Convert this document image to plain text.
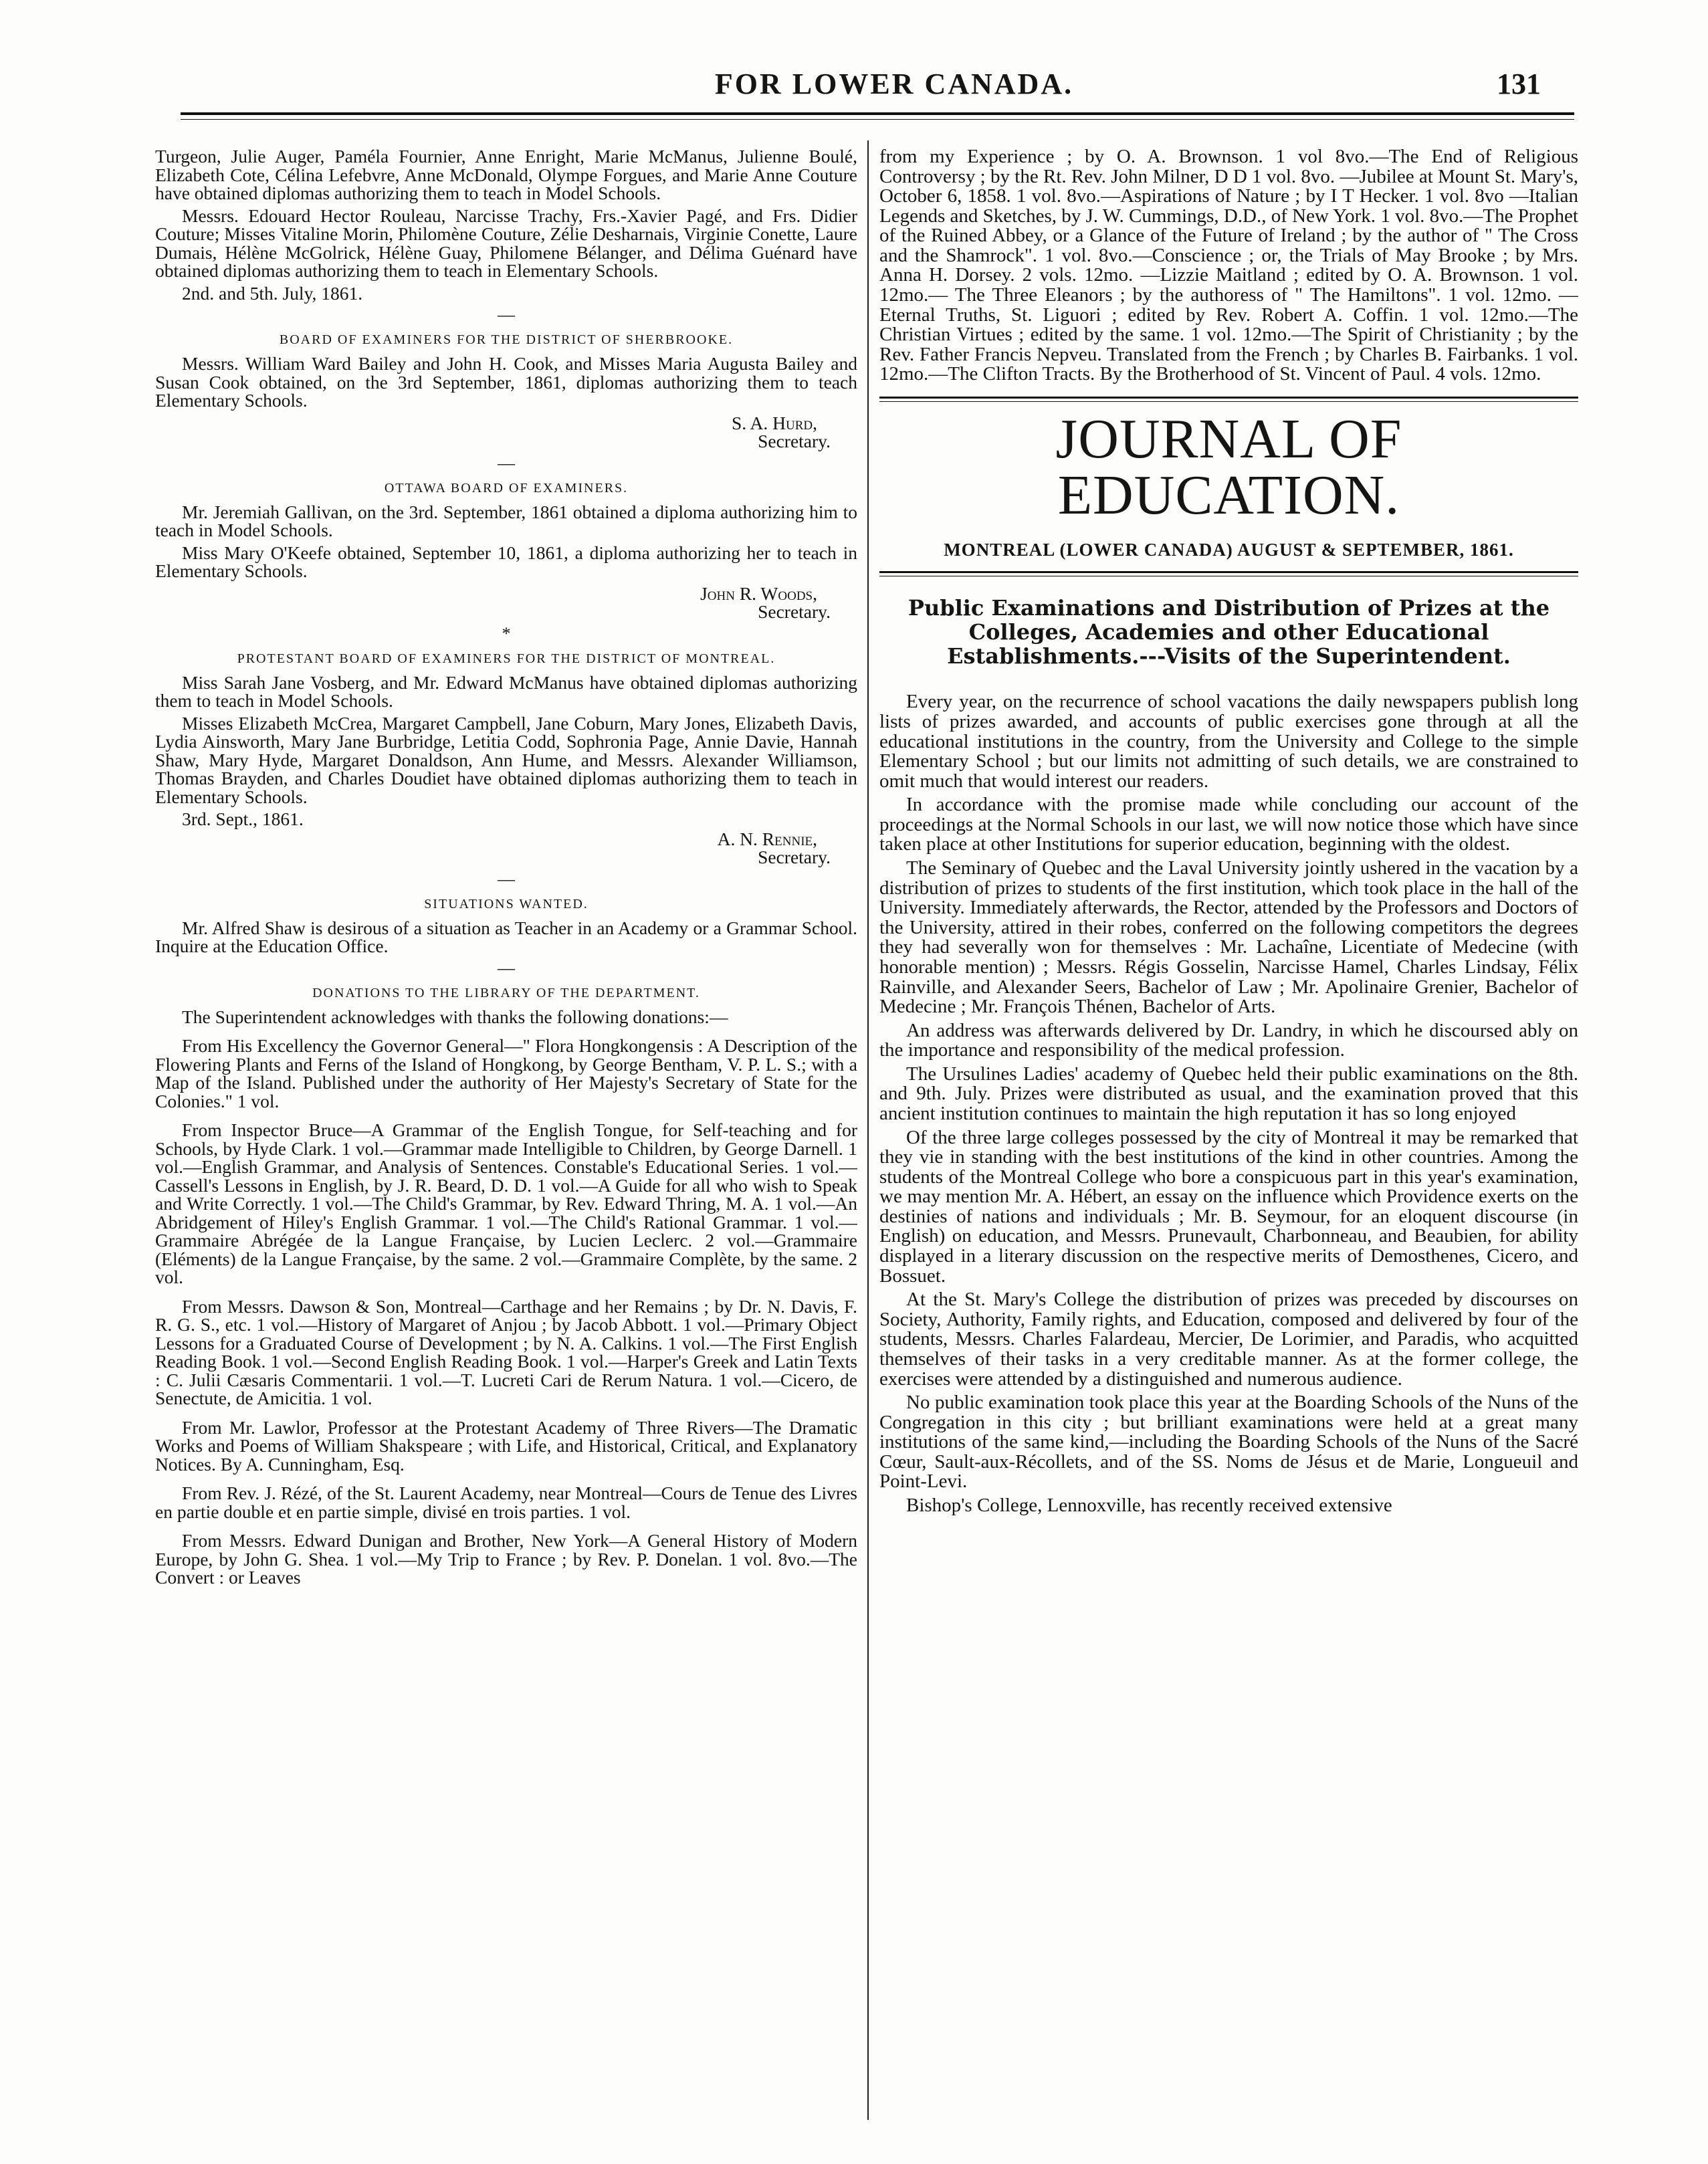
FOR LOWER CANADA.	131

Turgeon, Julie Auger, Paméla Fournier, Anne Enright, Marie McManus, Julienne Boulé, Elizabeth Cote, Célina Lefebvre, Anne McDonald, Olympe Forgues, and Marie Anne Couture have obtained diplomas authorizing them to teach in Model Schools.

Messrs. Edouard Hector Rouleau, Narcisse Trachy, Frs.-Xavier Pagé, and Frs. Didier Couture; Misses Vitaline Morin, Philomène Couture, Zélie Desharnais, Virginie Conette, Laure Dumais, Hélène McGolrick, Hélène Guay, Philomene Bélanger, and Délima Guénard have obtained diplomas authorizing them to teach in Elementary Schools.

2nd. and 5th. July, 1861.

—
BOARD OF EXAMINERS FOR THE DISTRICT OF SHERBROOKE.

Messrs. William Ward Bailey and John H. Cook, and Misses Maria Augusta Bailey and Susan Cook obtained, on the 3rd September, 1861, diplomas authorizing them to teach Elementary Schools.

S. A. Hurd,

Secretary.

—
OTTAWA BOARD OF EXAMINERS.

Mr. Jeremiah Gallivan, on the 3rd. September, 1861 obtained a diploma authorizing him to teach in Model Schools.

Miss Mary O'Keefe obtained, September 10, 1861, a diploma authorizing her to teach in Elementary Schools.

John R. Woods,

Secretary.

*
PROTESTANT BOARD OF EXAMINERS FOR THE DISTRICT OF MONTREAL.

Miss Sarah Jane Vosberg, and Mr. Edward McManus have obtained diplomas authorizing them to teach in Model Schools.

Misses Elizabeth McCrea, Margaret Campbell, Jane Coburn, Mary Jones, Elizabeth Davis, Lydia Ainsworth, Mary Jane Burbridge, Letitia Codd, Sophronia Page, Annie Davie, Hannah Shaw, Mary Hyde, Margaret Donaldson, Ann Hume, and Messrs. Alexander Williamson, Thomas Brayden, and Charles Doudiet have obtained diplomas authorizing them to teach in Elementary Schools.

3rd. Sept., 1861.

A. N. Rennie,

Secretary.

—
SITUATIONS WANTED.

Mr. Alfred Shaw is desirous of a situation as Teacher in an Academy or a Grammar School. Inquire at the Education Office.

—
DONATIONS TO THE LIBRARY OF THE DEPARTMENT.

The Superintendent acknowledges with thanks the following donations:—

From His Excellency the Governor General—" Flora Hongkongensis : A Description of the Flowering Plants and Ferns of the Island of Hongkong, by George Bentham, V. P. L. S.; with a Map of the Island. Published under the authority of Her Majesty's Secretary of State for the Colonies." 1 vol.

From Inspector Bruce—A Grammar of the English Tongue, for Self-teaching and for Schools, by Hyde Clark. 1 vol.—Grammar made Intelligible to Children, by George Darnell. 1 vol.—English Grammar, and Analysis of Sentences. Constable's Educational Series. 1 vol.—Cassell's Lessons in English, by J. R. Beard, D. D. 1 vol.—A Guide for all who wish to Speak and Write Correctly. 1 vol.—The Child's Grammar, by Rev. Edward Thring, M. A. 1 vol.—An Abridgement of Hiley's English Grammar. 1 vol.—The Child's Rational Grammar. 1 vol.—Grammaire Abrégée de la Langue Française, by Lucien Leclerc. 2 vol.—Grammaire (Eléments) de la Langue Française, by the same. 2 vol.—Grammaire Complète, by the same. 2 vol.

From Messrs. Dawson & Son, Montreal—Carthage and her Remains ; by Dr. N. Davis, F. R. G. S., etc. 1 vol.—History of Margaret of Anjou ; by Jacob Abbott. 1 vol.—Primary Object Lessons for a Graduated Course of Development ; by N. A. Calkins. 1 vol.—The First English Reading Book. 1 vol.—Second English Reading Book. 1 vol.—Harper's Greek and Latin Texts : C. Julii Cæsaris Commentarii. 1 vol.—T. Lucreti Cari de Rerum Natura. 1 vol.—Cicero, de Senectute, de Amicitia. 1 vol.

From Mr. Lawlor, Professor at the Protestant Academy of Three Rivers—The Dramatic Works and Poems of William Shakspeare ; with Life, and Historical, Critical, and Explanatory Notices. By A. Cunningham, Esq.

From Rev. J. Rézé, of the St. Laurent Academy, near Montreal—Cours de Tenue des Livres en partie double et en partie simple, divisé en trois parties. 1 vol.

From Messrs. Edward Dunigan and Brother, New York—A General History of Modern Europe, by John G. Shea. 1 vol.—My Trip to France ; by Rev. P. Donelan. 1 vol. 8vo.—The Convert : or Leaves

from my Experience ; by O. A. Brownson. 1 vol 8vo.—The End of Religious Controversy ; by the Rt. Rev. John Milner, D D 1 vol. 8vo. —Jubilee at Mount St. Mary's, October 6, 1858. 1 vol. 8vo.—Aspirations of Nature ; by I T Hecker. 1 vol. 8vo —Italian Legends and Sketches, by J. W. Cummings, D.D., of New York. 1 vol. 8vo.—The Prophet of the Ruined Abbey, or a Glance of the Future of Ireland ; by the author of " The Cross and the Shamrock". 1 vol. 8vo.—Conscience ; or, the Trials of May Brooke ; by Mrs. Anna H. Dorsey. 2 vols. 12mo. —Lizzie Maitland ; edited by O. A. Brownson. 1 vol. 12mo.— The Three Eleanors ; by the authoress of " The Hamiltons". 1 vol. 12mo. —Eternal Truths, St. Liguori ; edited by Rev. Robert A. Coffin. 1 vol. 12mo.—The Christian Virtues ; edited by the same. 1 vol. 12mo.—The Spirit of Christianity ; by the Rev. Father Francis Nepveu. Translated from the French ; by Charles B. Fairbanks. 1 vol. 12mo.—The Clifton Tracts. By the Brotherhood of St. Vincent of Paul. 4 vols. 12mo.

JOURNAL OF EDUCATION.
MONTREAL (LOWER CANADA) AUGUST & SEPTEMBER, 1861.
Public Examinations and Distribution of Prizes at the Colleges, Academies and other Educational Establishments.---Visits of the Superintendent.

Every year, on the recurrence of school vacations the daily newspapers publish long lists of prizes awarded, and accounts of public exercises gone through at all the educational institutions in the country, from the University and College to the simple Elementary School ; but our limits not admitting of such details, we are constrained to omit much that would interest our readers.

In accordance with the promise made while concluding our account of the proceedings at the Normal Schools in our last, we will now notice those which have since taken place at other Institutions for superior education, beginning with the oldest.

The Seminary of Quebec and the Laval University jointly ushered in the vacation by a distribution of prizes to students of the first institution, which took place in the hall of the University. Immediately afterwards, the Rector, attended by the Professors and Doctors of the University, attired in their robes, conferred on the following competitors the degrees they had severally won for themselves : Mr. Lachaîne, Licentiate of Medecine (with honorable mention) ; Messrs. Régis Gosselin, Narcisse Hamel, Charles Lindsay, Félix Rainville, and Alexander Seers, Bachelor of Law ; Mr. Apolinaire Grenier, Bachelor of Medecine ; Mr. François Thénen, Bachelor of Arts.

An address was afterwards delivered by Dr. Landry, in which he discoursed ably on the importance and responsibility of the medical profession.

The Ursulines Ladies' academy of Quebec held their public examinations on the 8th. and 9th. July. Prizes were distributed as usual, and the examination proved that this ancient institution continues to maintain the high reputation it has so long enjoyed

Of the three large colleges possessed by the city of Montreal it may be remarked that they vie in standing with the best institutions of the kind in other countries. Among the students of the Montreal College who bore a conspicuous part in this year's examination, we may mention Mr. A. Hébert, an essay on the influence which Providence exerts on the destinies of nations and individuals ; Mr. B. Seymour, for an eloquent discourse (in English) on education, and Messrs. Prunevault, Charbonneau, and Beaubien, for ability displayed in a literary discussion on the respective merits of Demosthenes, Cicero, and Bossuet.

At the St. Mary's College the distribution of prizes was preceded by discourses on Society, Authority, Family rights, and Education, composed and delivered by four of the students, Messrs. Charles Falardeau, Mercier, De Lorimier, and Paradis, who acquitted themselves of their tasks in a very creditable manner. As at the former college, the exercises were attended by a distinguished and numerous audience.

No public examination took place this year at the Boarding Schools of the Nuns of the Congregation in this city ; but brilliant examinations were held at a great many institutions of the same kind,—including the Boarding Schools of the Nuns of the Sacré Cœur, Sault-aux-Récollets, and of the SS. Noms de Jésus et de Marie, Longueuil and Point-Levi.

Bishop's College, Lennoxville, has recently received extensive
